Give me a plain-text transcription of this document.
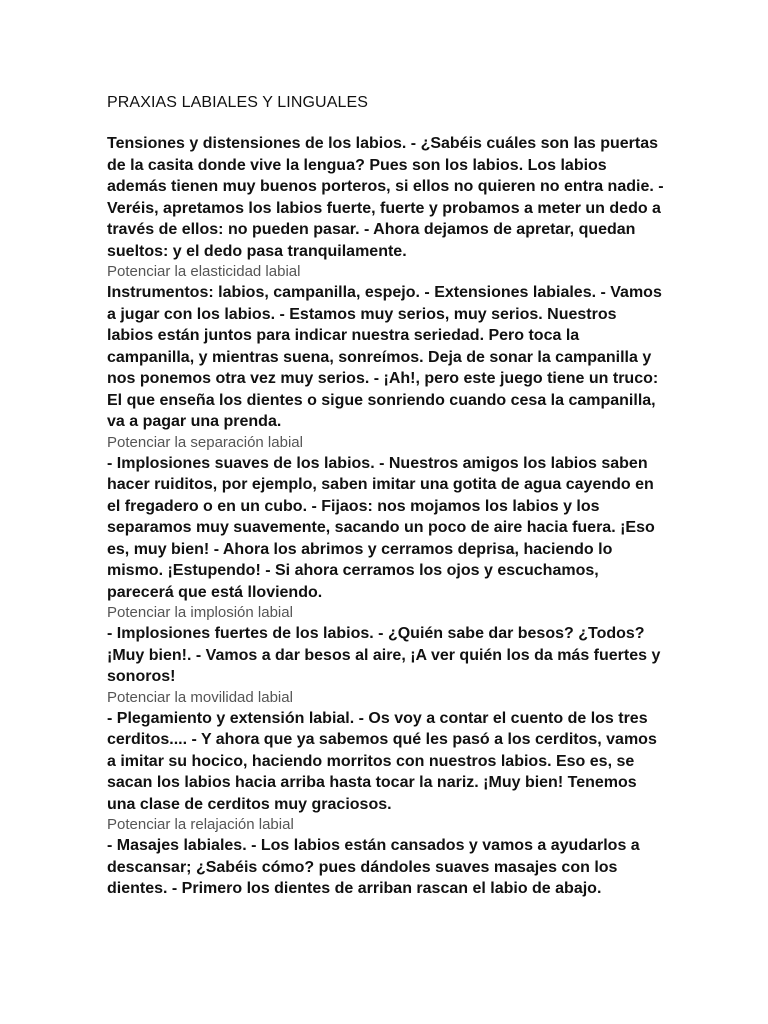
PRAXIAS LABIALES Y LINGUALES

Tensiones y distensiones de los labios. - ¿Sabéis cuáles son las puertas de la casita donde vive la lengua? Pues son los labios. Los labios además tienen muy buenos porteros, si ellos no quieren no entra nadie. - Veréis, apretamos los labios fuerte, fuerte y probamos a meter un dedo a través de ellos: no pueden pasar. - Ahora dejamos de apretar, quedan sueltos: y el dedo pasa tranquilamente.

Potenciar la elasticidad labial

Instrumentos: labios, campanilla, espejo. - Extensiones labiales. - Vamos a jugar con los labios. - Estamos muy serios, muy serios. Nuestros labios están juntos para indicar nuestra seriedad. Pero toca la campanilla, y mientras suena, sonreímos. Deja de sonar la campanilla y nos ponemos otra vez muy serios. - ¡Ah!, pero este juego tiene un truco: El que enseña los dientes o sigue sonriendo cuando cesa la campanilla, va a pagar una prenda.

Potenciar la separación labial

- Implosiones suaves de los labios. - Nuestros amigos los labios saben hacer ruiditos, por ejemplo, saben imitar una gotita de agua cayendo en el fregadero o en un cubo. - Fijaos: nos mojamos los labios y los separamos muy suavemente, sacando un poco de aire hacia fuera. ¡Eso es, muy bien! - Ahora los abrimos y cerramos deprisa, haciendo lo mismo. ¡Estupendo! - Si ahora cerramos los ojos y escuchamos, parecerá que está lloviendo.

Potenciar la implosión labial

- Implosiones fuertes de los labios. - ¿Quién sabe dar besos? ¿Todos? ¡Muy bien!. - Vamos a dar besos al aire, ¡A ver quién los da más fuertes y sonoros!

Potenciar la movilidad labial

- Plegamiento y extensión labial. - Os voy a contar el cuento de los tres cerditos.... - Y ahora que ya sabemos qué les pasó a los cerditos, vamos a imitar su hocico, haciendo morritos con nuestros labios. Eso es, se sacan los labios hacia arriba hasta tocar la nariz. ¡Muy bien! Tenemos una clase de cerditos muy graciosos.

Potenciar la relajación labial

- Masajes labiales. - Los labios están cansados y vamos a ayudarlos a descansar; ¿Sabéis cómo? pues dándoles suaves masajes con los dientes. - Primero los dientes de arriban rascan el labio de abajo.
